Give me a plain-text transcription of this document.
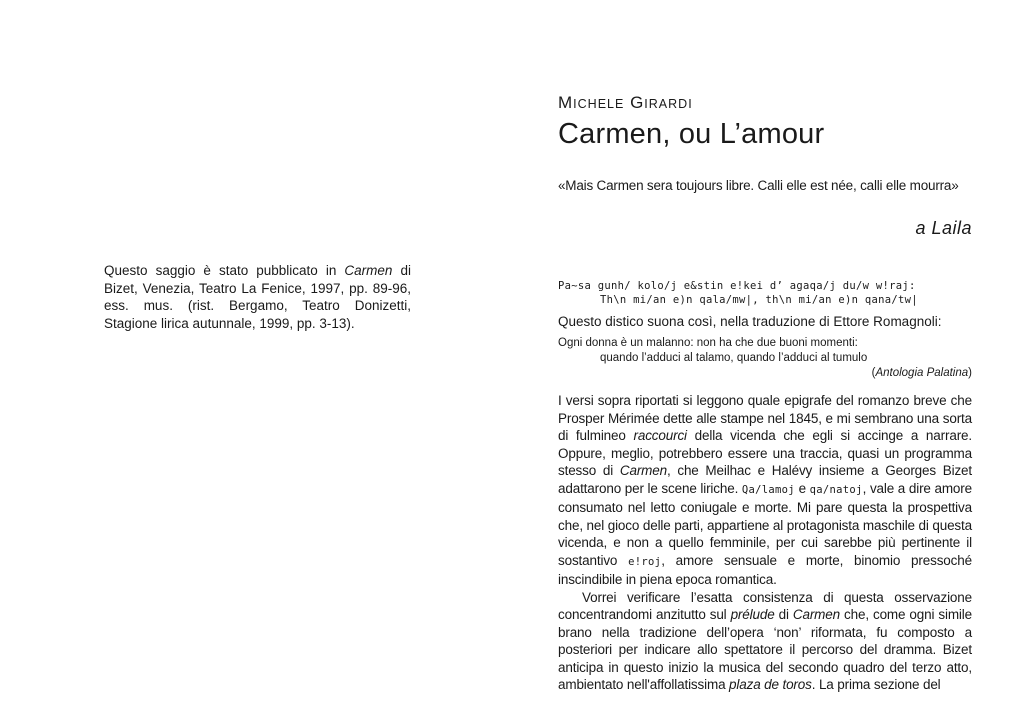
Questo saggio è stato pubblicato in Carmen di Bizet, Venezia, Teatro La Fenice, 1997, pp. 89-96, ess. mus. (rist. Bergamo, Teatro Donizetti, Stagione lirica autunnale, 1999, pp. 3-13).
MICHELE GIRARDI
Carmen, ou L’amour
«Mais Carmen sera toujours libre. Calli elle est née, calli elle mourra»
a Laila
Pa~sa gunh/ kolo/j e&stin e!kei d’ agaqa/j du/w w!raj:
Th\n mi/an e)n qala/mw|, th\n mi/an e)n qana/tw|
Questo distico suona così, nella traduzione di Ettore Romagnoli:
Ogni donna è un malanno: non ha che due buoni momenti:
quando l’adduci al talamo, quando l’adduci al tumulo
(Antologia Palatina)

I versi sopra riportati si leggono quale epigrafe del romanzo breve che Prosper Mérimée dette alle stampe nel 1845, e mi sembrano una sorta di fulmineo raccourci della vicenda che egli si accinge a narrare. Oppure, meglio, potrebbero essere una traccia, quasi un programma stesso di Carmen, che Meilhac e Halévy insieme a Georges Bizet adattarono per le scene liriche. Qa/lamoj e qa/natoj, vale a dire amore consumato nel letto coniugale e morte. Mi pare questa la prospettiva che, nel gioco delle parti, appartiene al protagonista maschile di questa vicenda, e non a quello femminile, per cui sarebbe più pertinente il sostantivo e!roj, amore sensuale e morte, binomio pressoché inscindibile in piena epoca romantica.

Vorrei verificare l’esatta consistenza di questa osservazione concentrandomi anzitutto sul prélude di Carmen che, come ogni simile brano nella tradizione dell’opera ‘non’ riformata, fu composto a posteriori per indicare allo spettatore il percorso del dramma. Bizet anticipa in questo inizio la musica del secondo quadro del terzo atto, ambientato nell'affollatissima plaza de toros. La prima sezione del
